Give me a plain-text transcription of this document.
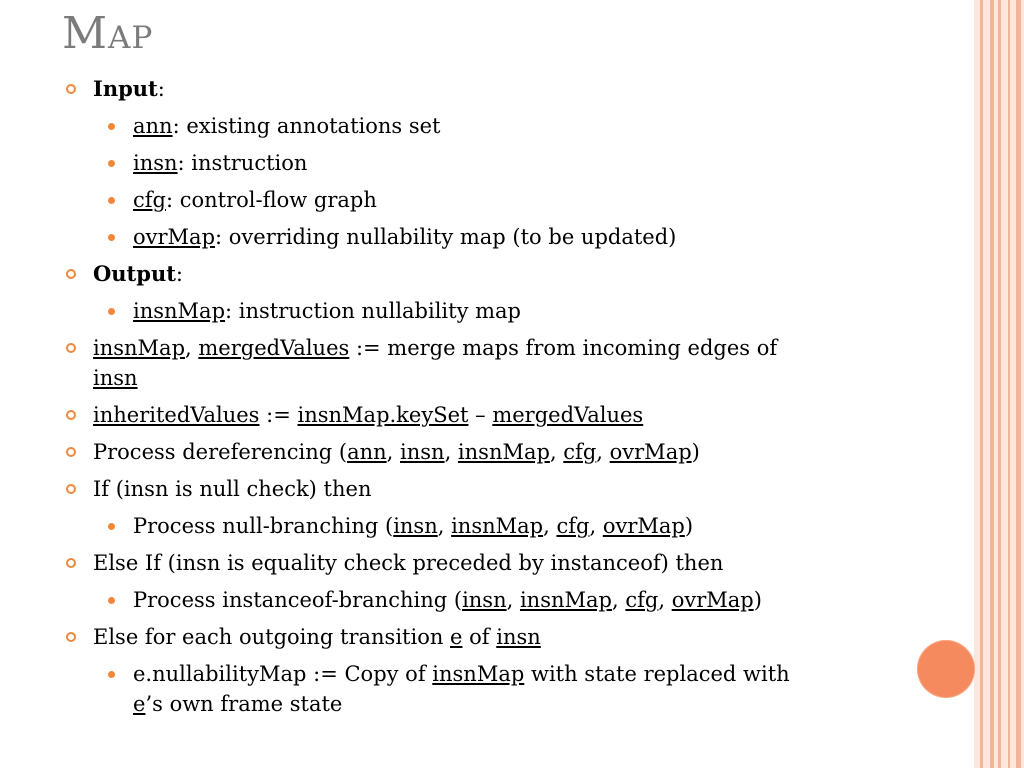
Map
Input:
ann: existing annotations set
insn: instruction
cfg: control-flow graph
ovrMap: overriding nullability map (to be updated)
Output:
insnMap: instruction nullability map
insnMap, mergedValues := merge maps from incoming edges of
insn
inheritedValues := insnMap.keySet – mergedValues
Process dereferencing (ann, insn, insnMap, cfg, ovrMap)
If (insn is null check) then
Process null-branching (insn, insnMap, cfg, ovrMap)
Else If (insn is equality check preceded by instanceof) then
Process instanceof-branching (insn, insnMap, cfg, ovrMap)
Else for each outgoing transition e of insn
e.nullabilityMap := Copy of insnMap with state replaced with
e’s own frame state
